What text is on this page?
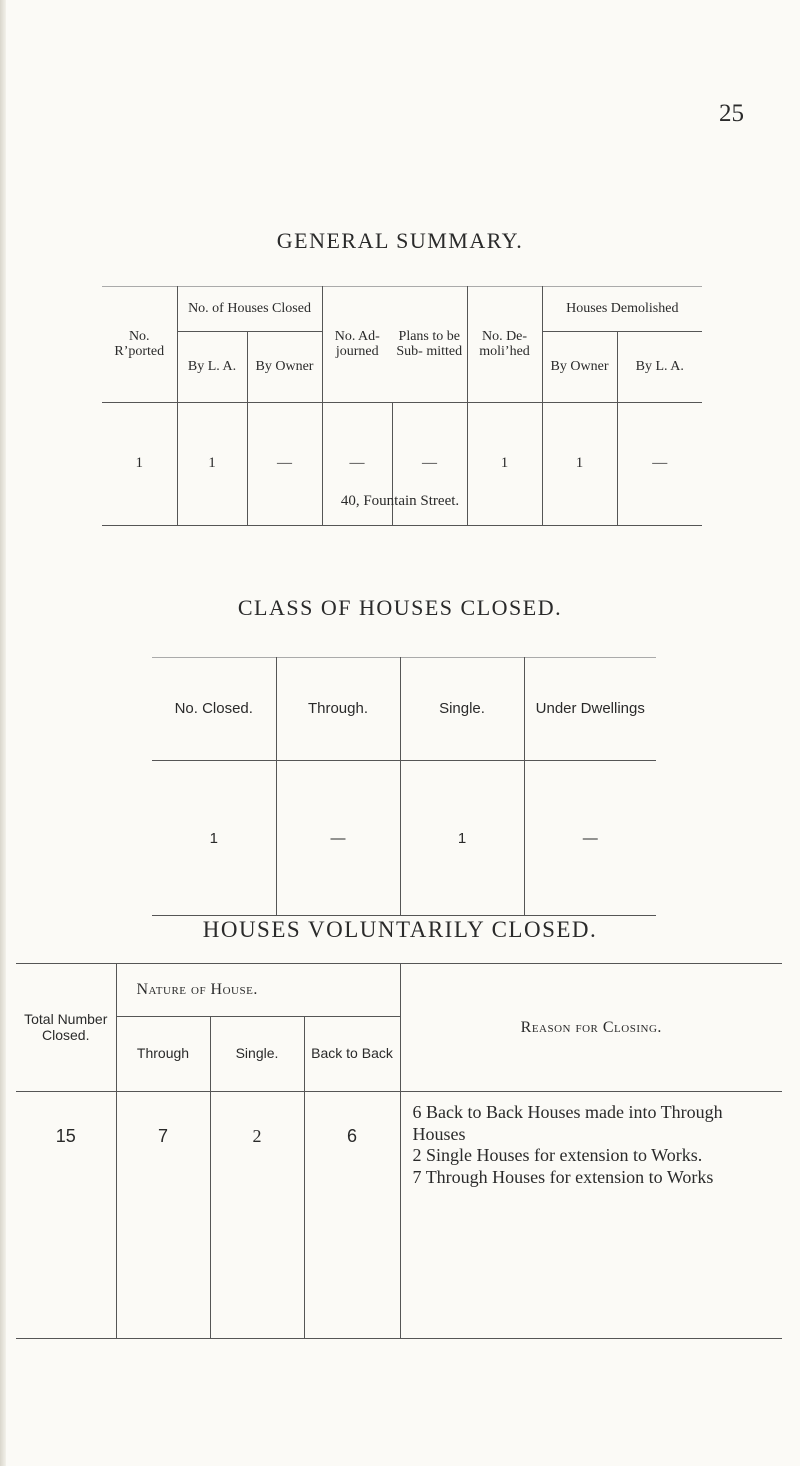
25
GENERAL SUMMARY.
No.
R’ported	No. of Houses Closed		No. Ad- journed	Plans to be Sub- mitted	No. De- moli’hed	Houses Demolished	
	By L. A.	By Owner				By Owner	By L. A.
1	1	—	—	—	1	1	—
40, Fountain Street.
CLASS OF HOUSES CLOSED.
No. Closed.	Through.	Single.	Under Dwellings
1	—	1	—
HOUSES VOLUNTARILY CLOSED.
Total Number Closed.	Nature of House.			Reason for Closing.
	Through	Single.	Back to Back	
15	7	2	6	6 Back to Back Houses made into Through Houses
2 Single Houses for extension to Works.
7 Through Houses for extension to Works
